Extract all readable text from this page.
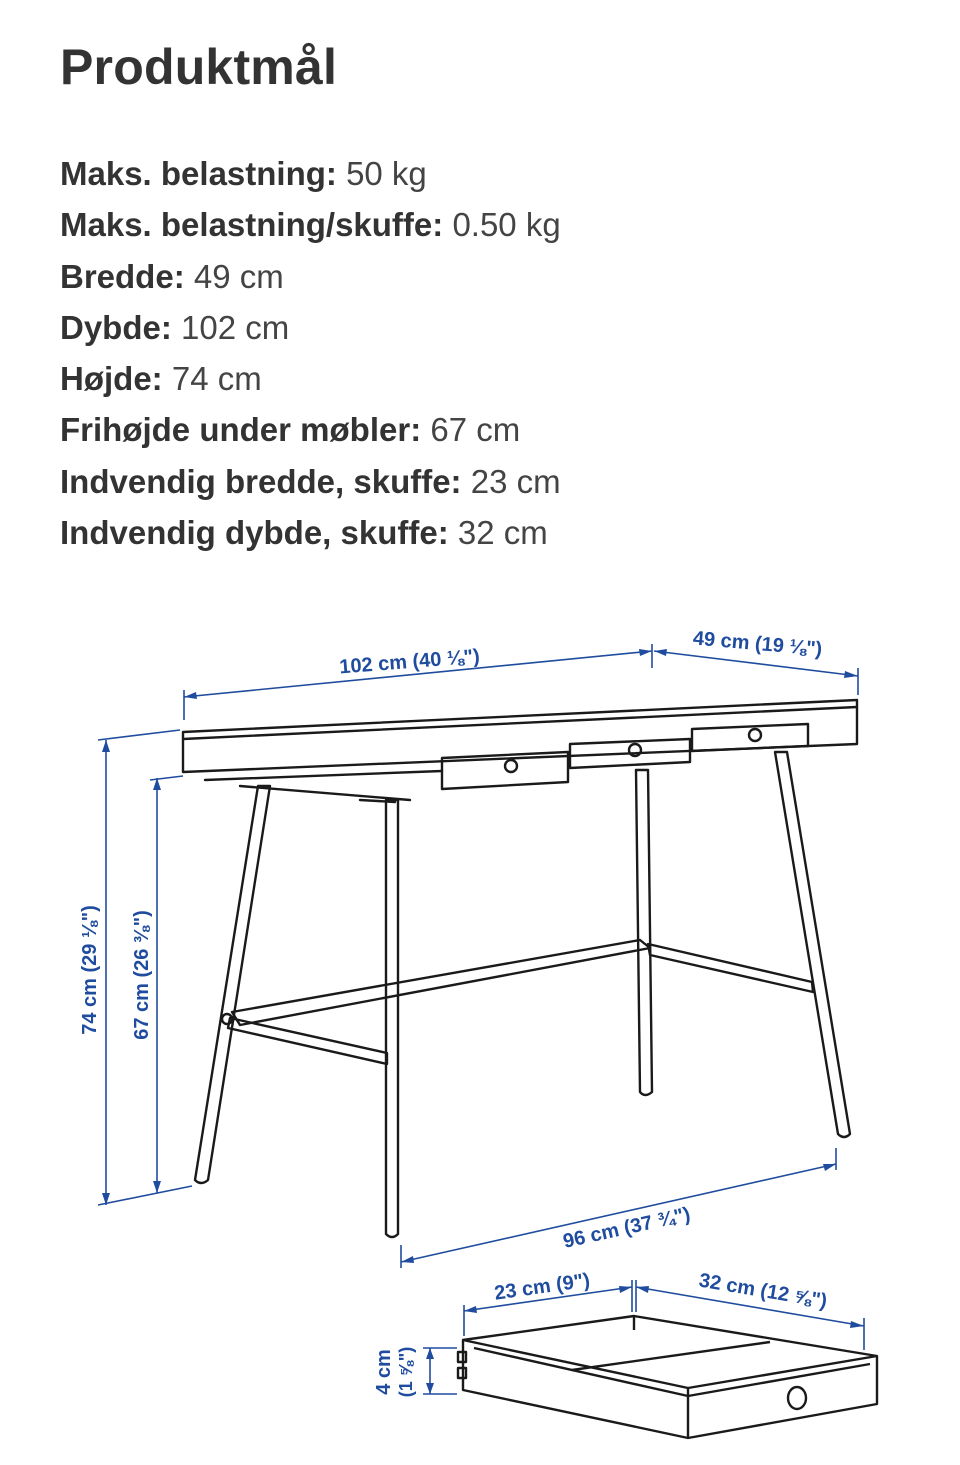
Produktmål
Maks. belastning: 50 kg
Maks. belastning/skuffe: 0.50 kg
Bredde: 49 cm
Dybde: 102 cm
Højde: 74 cm
Frihøjde under møbler: 67 cm
Indvendig bredde, skuffe: 23 cm
Indvendig dybde, skuffe: 32 cm
102 cm (40 ⅛")
49 cm (19 ⅛")
74 cm (29 ⅛") 67 cm (26 ⅜")
96 cm (37 ¾")
23 cm (9")	32 cm (12 ⅝")
4 cm (1 ⅝")
